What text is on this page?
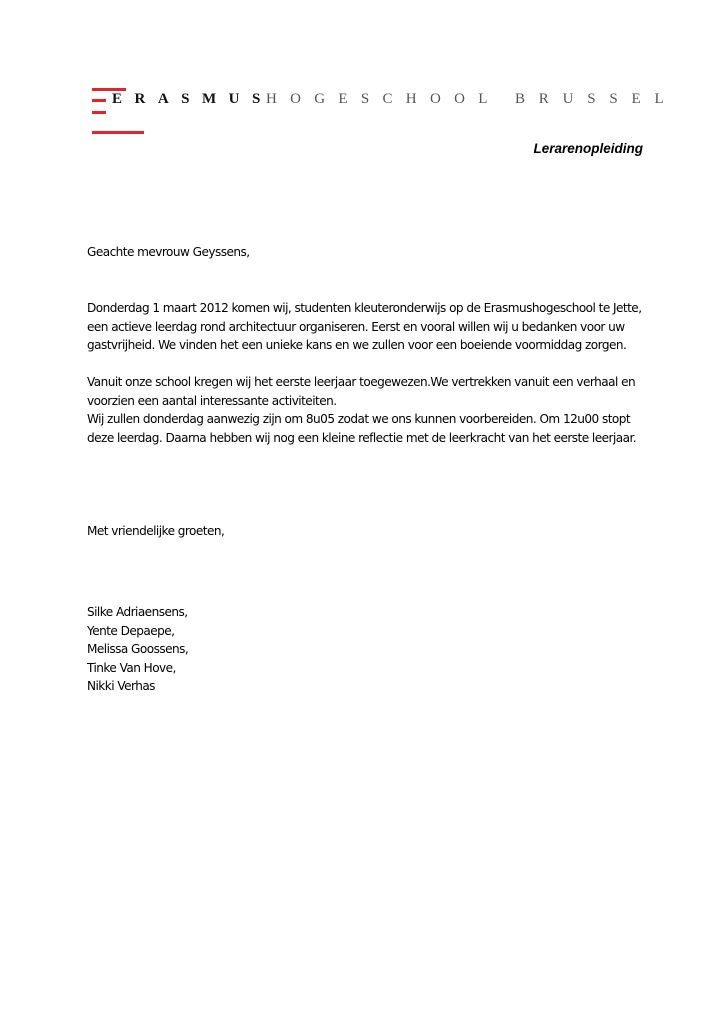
ERASMUS
HOGESCHOOL BRUSSEL
Lerarenopleiding
Geachte mevrouw Geyssens,
Donderdag 1 maart 2012 komen wij, studenten kleuteronderwijs op de Erasmushogeschool te Jette,
een actieve leerdag rond architectuur organiseren. Eerst en vooral willen wij u bedanken voor uw
gastvrijheid. We vinden het een unieke kans en we zullen voor een boeiende voormiddag zorgen.
Vanuit onze school kregen wij het eerste leerjaar toegewezen.We vertrekken vanuit een verhaal en
voorzien een aantal interessante activiteiten.
Wij zullen donderdag aanwezig zijn om 8u05 zodat we ons kunnen voorbereiden. Om 12u00 stopt
deze leerdag. Daarna hebben wij nog een kleine reflectie met de leerkracht van het eerste leerjaar.
Met vriendelijke groeten,
Silke Adriaensens,
Yente Depaepe,
Melissa Goossens,
Tinke Van Hove,
Nikki Verhas
